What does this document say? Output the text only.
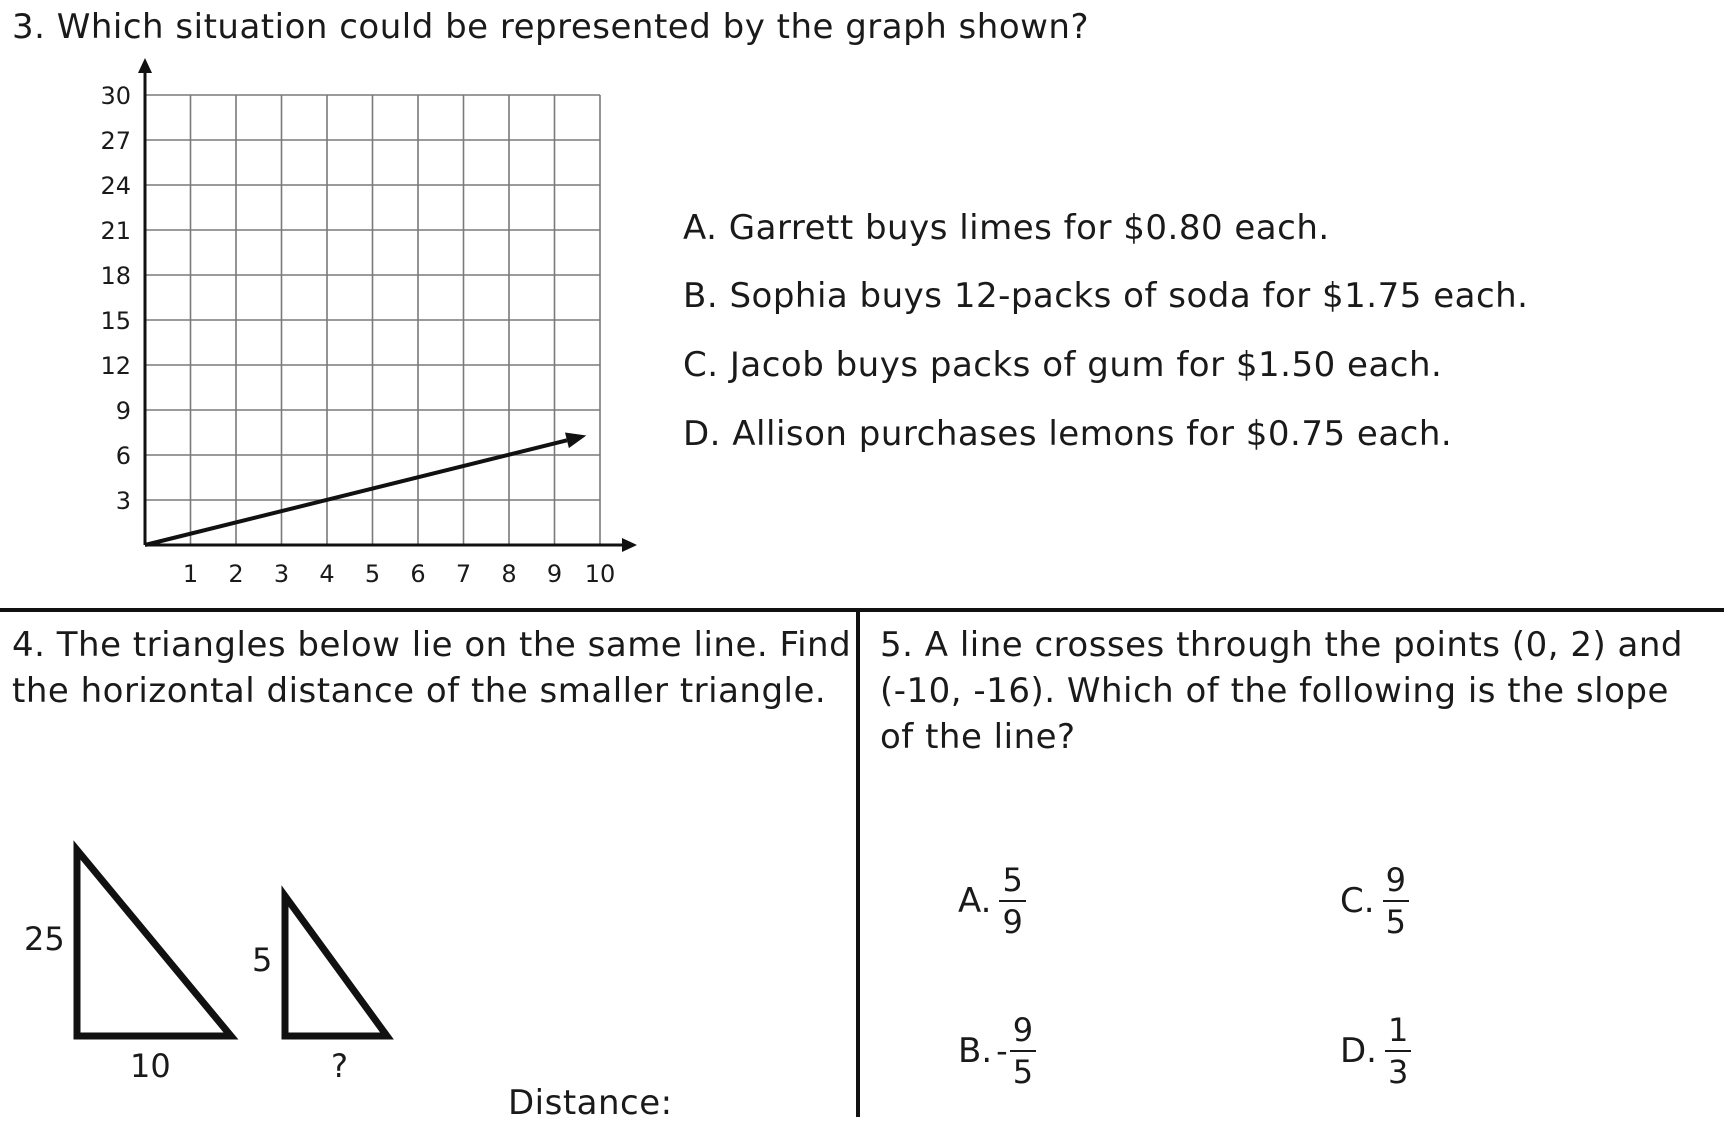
3. Which situation could be represented by the graph shown?
1 2 3 4 5 6 7 8 9 10
3
6
9
12
15
18
21
24
27
30
A. Garrett buys limes for $0.80 each.
B. Sophia buys 12-packs of soda for $1.75 each.
C. Jacob buys packs of gum for $1.50 each.
D. Allison purchases lemons for $0.75 each.
4. The triangles below lie on the same line. Find
the horizontal distance of the smaller triangle.
25
10
5
?
Distance:
5. A line crosses through the points (0, 2) and
(-10, -16). Which of the following is the slope
of the line?
A. $\frac{5}{9}$	C. $\frac{9}{5}$
B. - $\frac{9}{5}$	D. $\frac{1}{3}$
